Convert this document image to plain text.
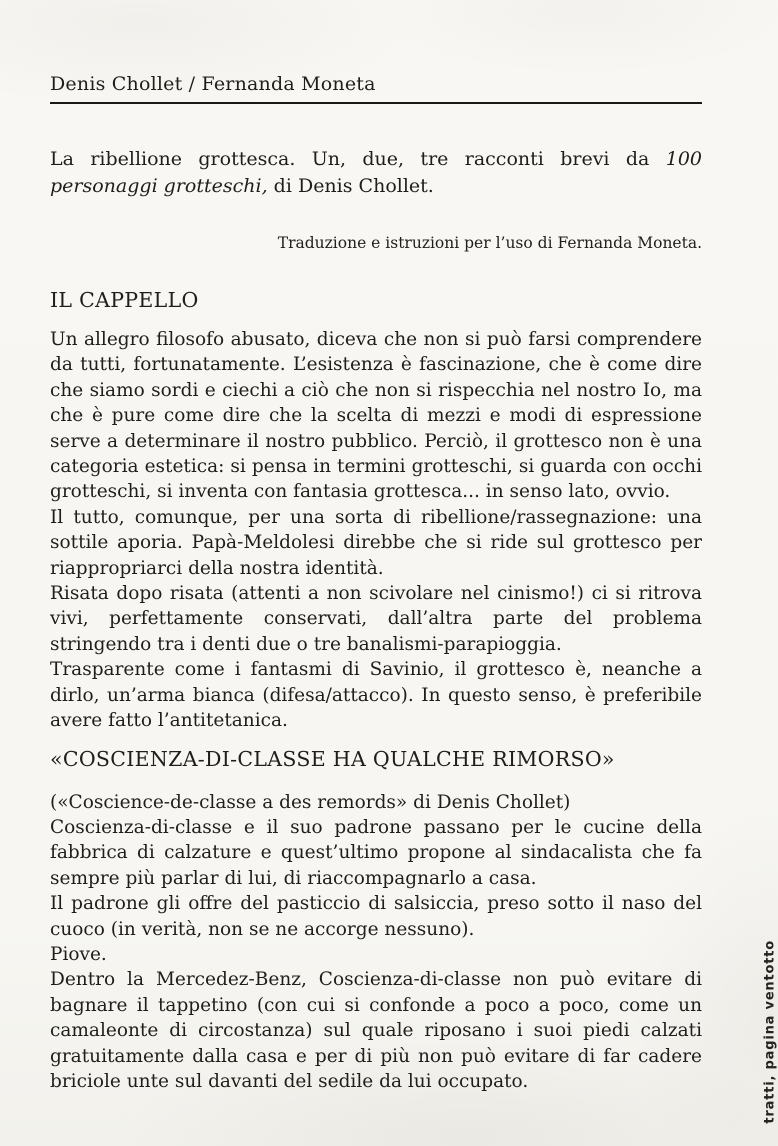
Denis Chollet / Fernanda Moneta

La ribellione grottesca. Un, due, tre racconti brevi da 100 personaggi grotteschi, di Denis Chollet.

Traduzione e istruzioni per l’uso di Fernanda Moneta.

IL CAPPELLO

Un allegro filosofo abusato, diceva che non si può farsi comprendere da tutti, fortunatamente. L’esistenza è fascinazione, che è come dire che siamo sordi e ciechi a ciò che non si rispecchia nel nostro Io, ma che è pure come dire che la scelta di mezzi e modi di espressione serve a determinare il nostro pubblico. Perciò, il grottesco non è una categoria estetica: si pensa in termini grotteschi, si guarda con occhi grotteschi, si inventa con fantasia grottesca... in senso lato, ovvio.

Il tutto, comunque, per una sorta di ribellione/rassegnazione: una sottile aporia. Papà-Meldolesi direbbe che si ride sul grottesco per riappropriarci della nostra identità.

Risata dopo risata (attenti a non scivolare nel cinismo!) ci si ritrova vivi, perfettamente conservati, dall’altra parte del problema stringendo tra i denti due o tre banalismi-parapioggia.

Trasparente come i fantasmi di Savinio, il grottesco è, neanche a dirlo, un’arma bianca (difesa/attacco). In questo senso, è preferibile avere fatto l’antitetanica.

«COSCIENZA-DI-CLASSE HA QUALCHE RIMORSO»

(«Coscience-de-classe a des remords» di Denis Chollet)

Coscienza-di-classe e il suo padrone passano per le cucine della fabbrica di calzature e quest’ultimo propone al sindacalista che fa sempre più parlar di lui, di riaccompagnarlo a casa.

Il padrone gli offre del pasticcio di salsiccia, preso sotto il naso del cuoco (in verità, non se ne accorge nessuno).

Piove.

Dentro la Mercedez-Benz, Coscienza-di-classe non può evitare di bagnare il tappetino (con cui si confonde a poco a poco, come un camaleonte di circostanza) sul quale riposano i suoi piedi calzati gratuitamente dalla casa e per di più non può evitare di far cadere briciole unte sul davanti del sedile da lui occupato.	tratti, pagina ventotto
